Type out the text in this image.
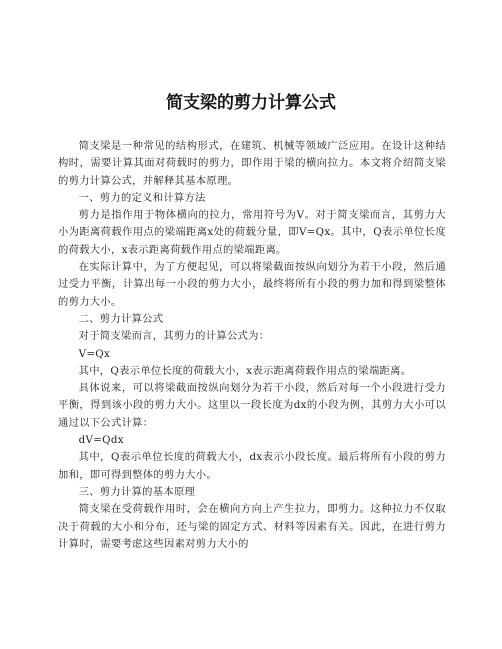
简支梁的剪力计算公式

简支梁是一种常见的结构形式，在建筑、机械等领域广泛应用。在设计这种结构时，需要计算其面对荷载时的剪力，即作用于梁的横向拉力。本文将介绍简支梁的剪力计算公式，并解释其基本原理。

一、剪力的定义和计算方法

剪力是指作用于物体横向的拉力，常用符号为V。对于简支梁而言，其剪力大小为距离荷载作用点的梁端距离x处的荷载分量，即V=Qx。其中，Q表示单位长度的荷载大小，x表示距离荷载作用点的梁端距离。

在实际计算中，为了方便起见，可以将梁截面按纵向划分为若干小段，然后通过受力平衡，计算出每一小段的剪力大小，最终将所有小段的剪力加和得到梁整体的剪力大小。

二、剪力计算公式

对于简支梁而言，其剪力的计算公式为：

V=Qx

其中，Q表示单位长度的荷载大小，x表示距离荷载作用点的梁端距离。

具体说来，可以将梁截面按纵向划分为若干小段，然后对每一个小段进行受力平衡，得到该小段的剪力大小。这里以一段长度为dx的小段为例，其剪力大小可以通过以下公式计算：

dV=Qdx

其中，Q表示单位长度的荷载大小，dx表示小段长度。最后将所有小段的剪力加和，即可得到整体的剪力大小。

三、剪力计算的基本原理

简支梁在受荷载作用时，会在横向方向上产生拉力，即剪力。这种拉力不仅取决于荷载的大小和分布，还与梁的固定方式、材料等因素有关。因此，在进行剪力计算时，需要考虑这些因素对剪力大小的
